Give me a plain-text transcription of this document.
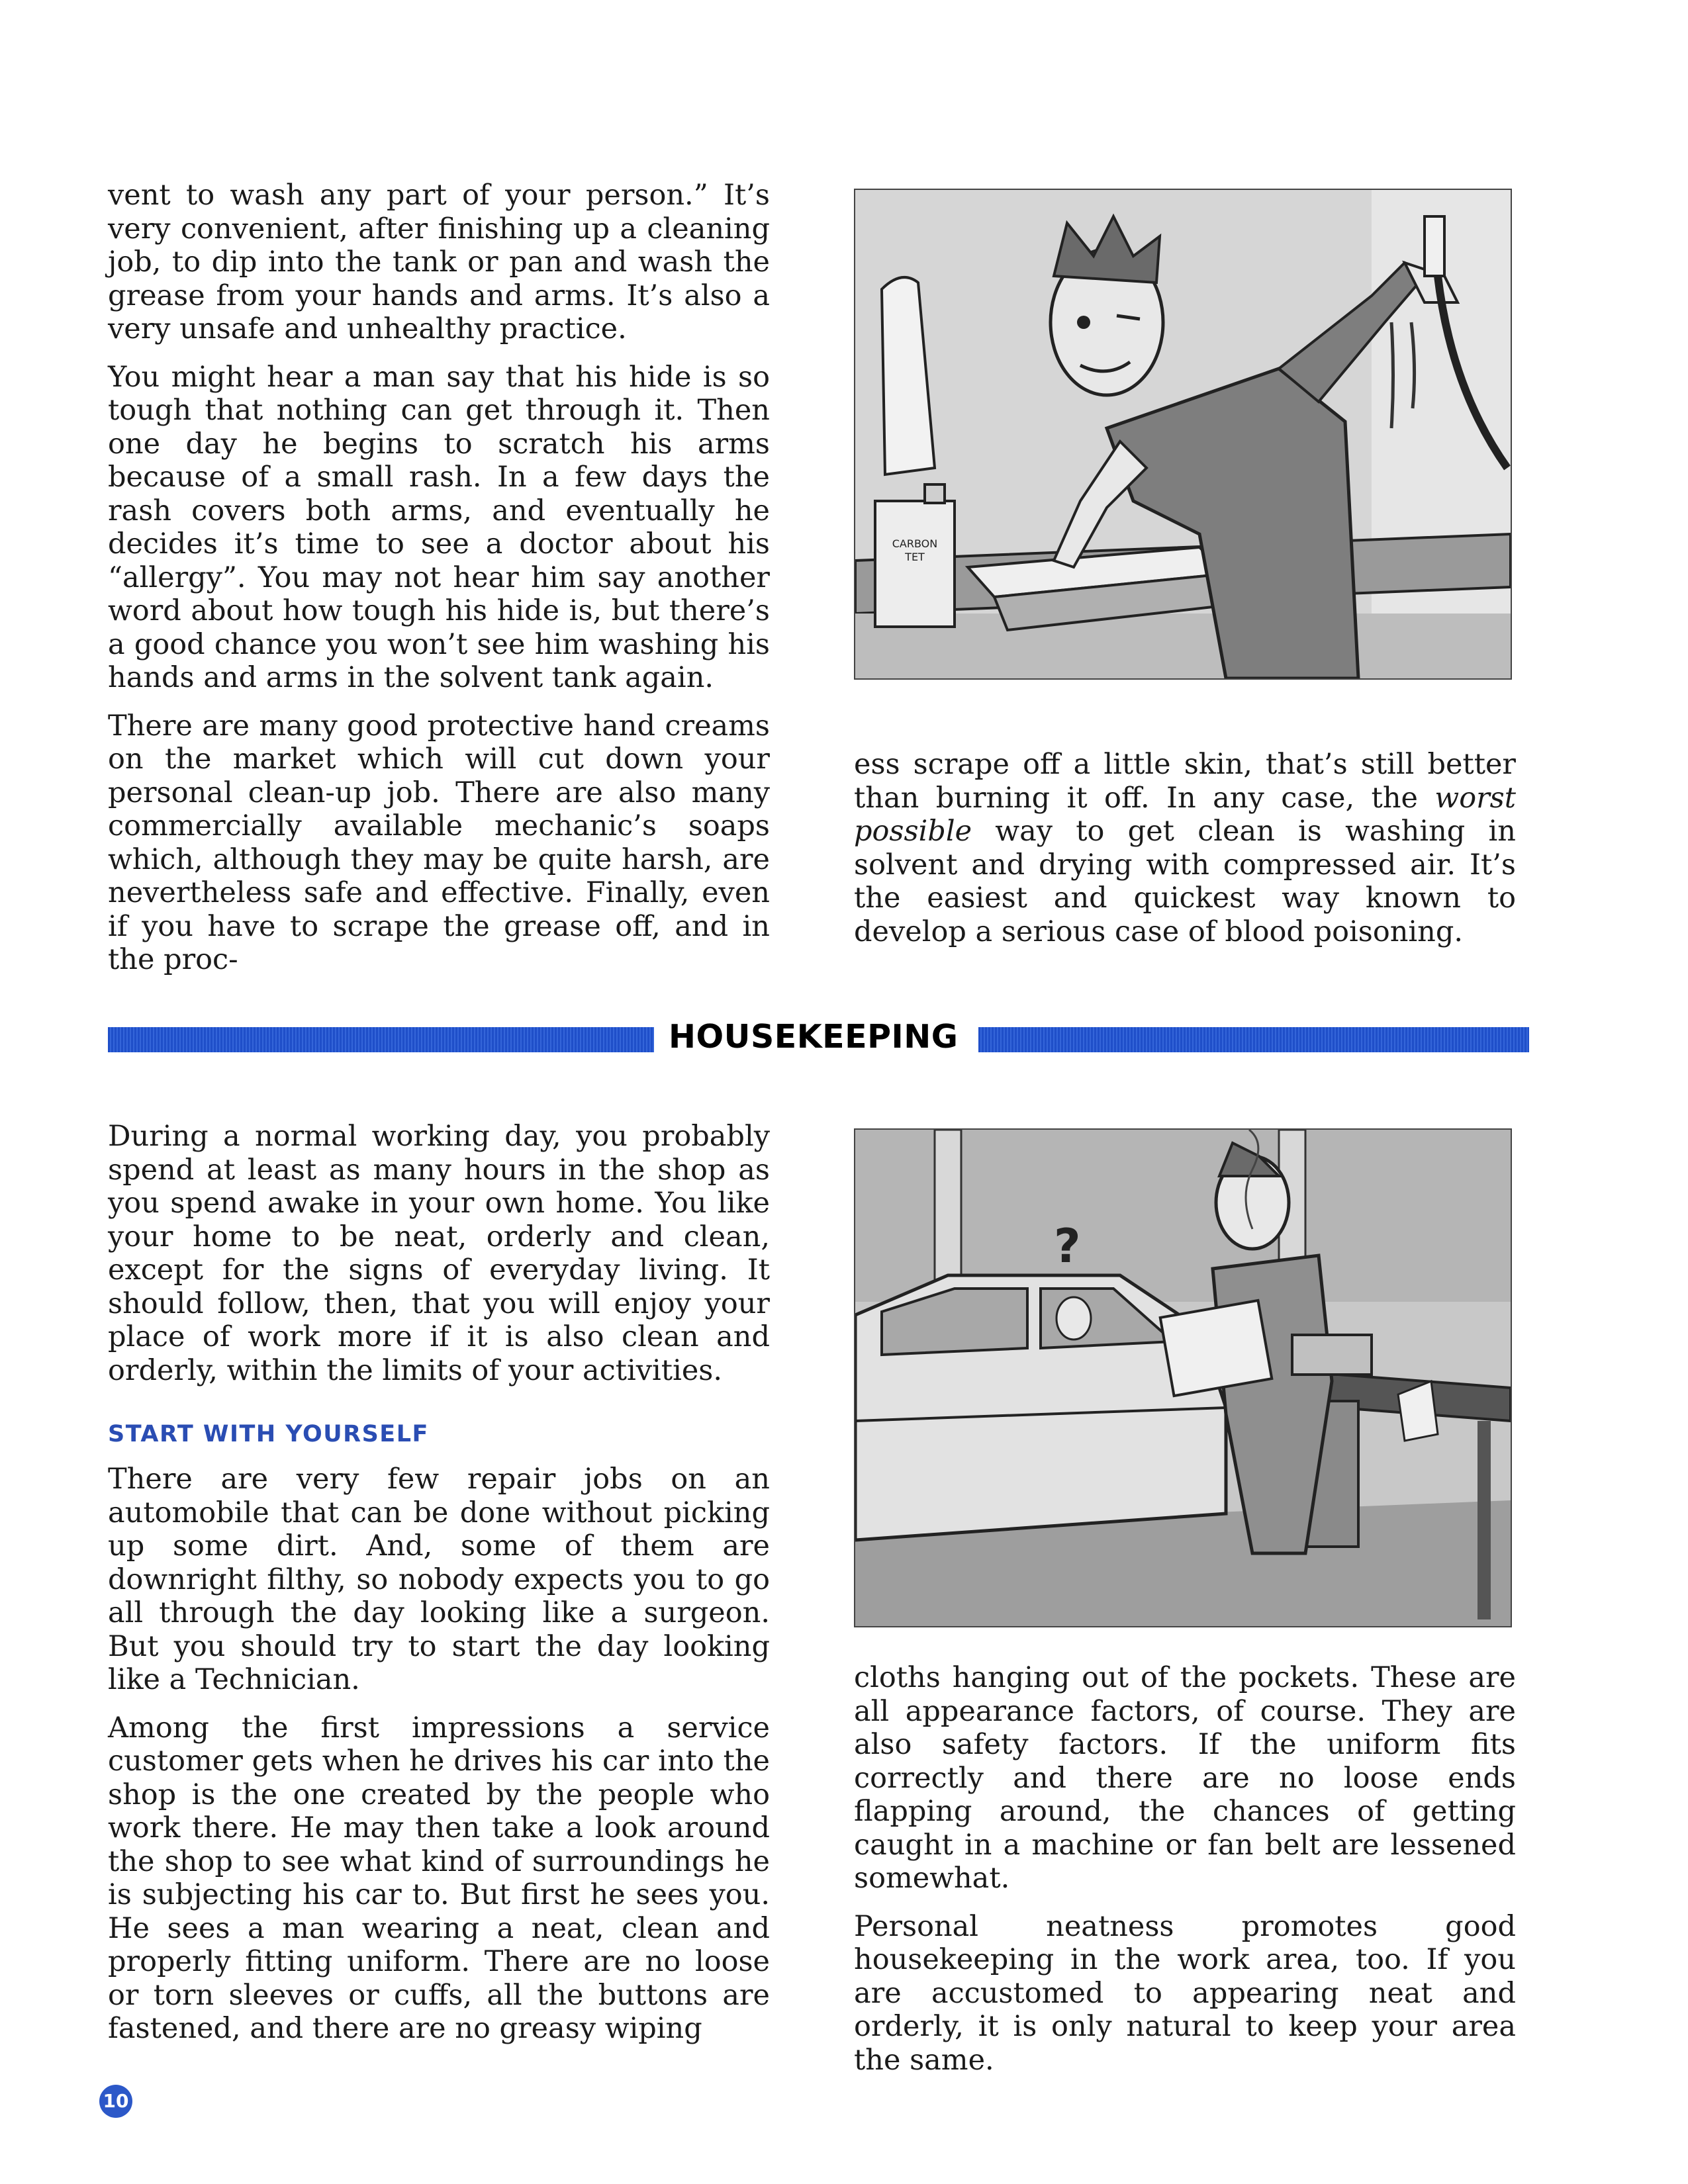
vent to wash any part of your person.” It’s very convenient, after finishing up a cleaning job, to dip into the tank or pan and wash the grease from your hands and arms. It’s also a very unsafe and unhealthy practice.

You might hear a man say that his hide is so tough that nothing can get through it. Then one day he begins to scratch his arms because of a small rash. In a few days the rash covers both arms, and eventually he decides it’s time to see a doctor about his “allergy”. You may not hear him say another word about how tough his hide is, but there’s a good chance you won’t see him washing his hands and arms in the solvent tank again.

There are many good protective hand creams on the market which will cut down your personal clean-up job. There are also many commercially available mechanic’s soaps which, although they may be quite harsh, are nevertheless safe and effective. Finally, even if you have to scrape the grease off, and in the proc-

CARBON
TET

ess scrape off a little skin, that’s still better than burning it off. In any case, the worst possible way to get clean is washing in solvent and drying with compressed air. It’s the easiest and quickest way known to develop a serious case of blood poisoning.

HOUSEKEEPING

During a normal working day, you probably spend at least as many hours in the shop as you spend awake in your own home. You like your home to be neat, orderly and clean, except for the signs of everyday living. It should follow, then, that you will enjoy your place of work more if it is also clean and orderly, within the limits of your activities.

START WITH YOURSELF

There are very few repair jobs on an automobile that can be done without picking up some dirt. And, some of them are downright filthy, so nobody expects you to go all through the day looking like a surgeon. But you should try to start the day looking like a Technician.

Among the first impressions a service customer gets when he drives his car into the shop is the one created by the people who work there. He may then take a look around the shop to see what kind of surroundings he is subjecting his car to. But first he sees you. He sees a man wearing a neat, clean and properly fitting uniform. There are no loose or torn sleeves or cuffs, all the buttons are fastened, and there are no greasy wiping

?

cloths hanging out of the pockets. These are all appearance factors, of course. They are also safety factors. If the uniform fits correctly and there are no loose ends flapping around, the chances of getting caught in a machine or fan belt are lessened somewhat.

Personal neatness promotes good housekeeping in the work area, too. If you are accustomed to appearing neat and orderly, it is only natural to keep your area the same.

10
